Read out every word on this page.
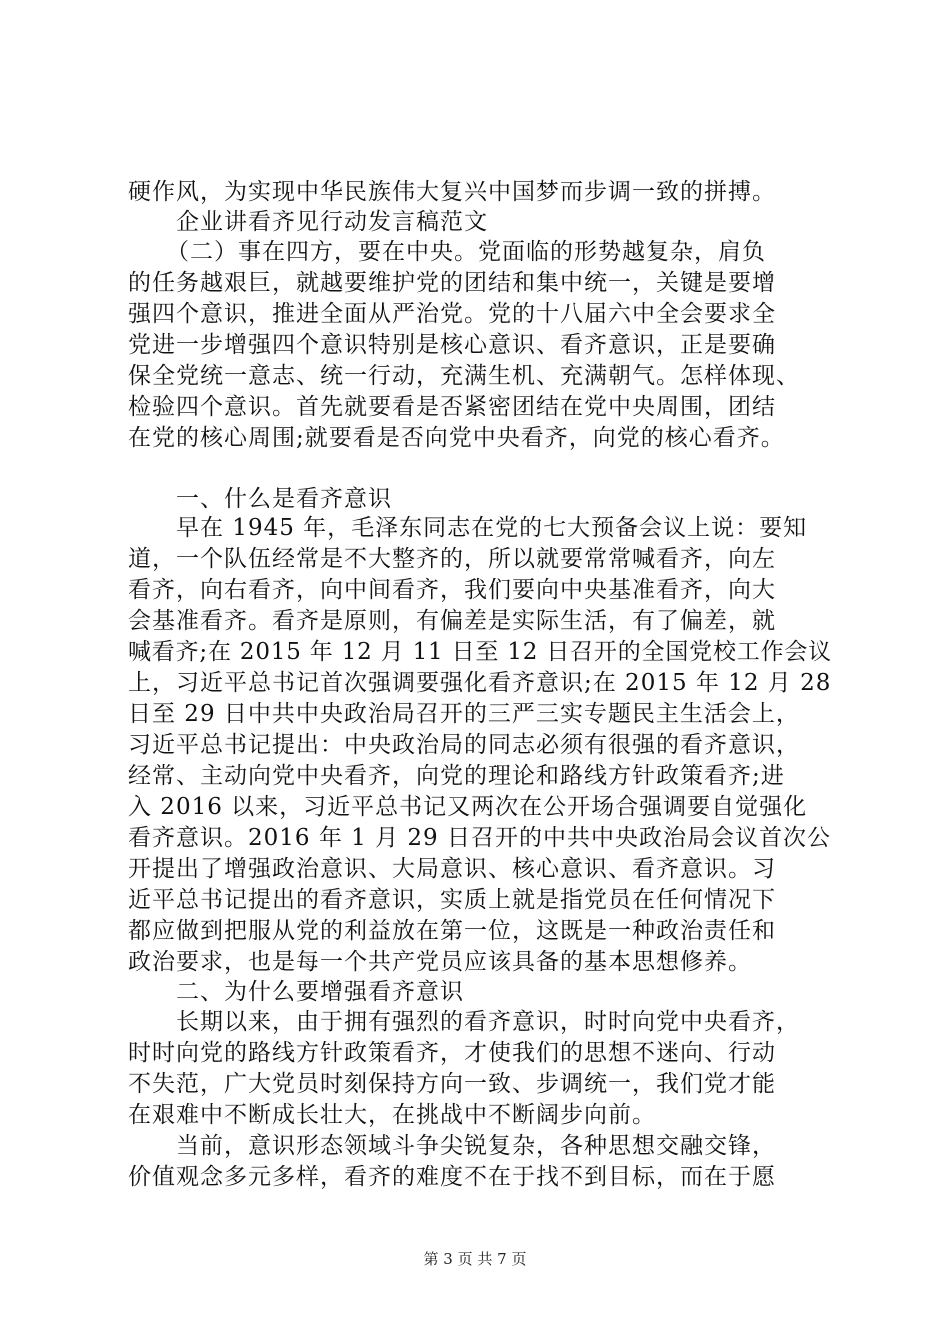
硬作风，为实现中华民族伟大复兴中国梦而步调一致的拼搏。
企业讲看齐见行动发言稿范文
（二）事在四方，要在中央。党面临的形势越复杂，肩负
的任务越艰巨，就越要维护党的团结和集中统一，关键是要增
强四个意识，推进全面从严治党。党的十八届六中全会要求全
党进一步增强四个意识特别是核心意识、看齐意识，正是要确
保全党统一意志、统一行动，充满生机、充满朝气。怎样体现、
检验四个意识。首先就要看是否紧密团结在党中央周围，团结
在党的核心周围;就要看是否向党中央看齐，向党的核心看齐。
一、什么是看齐意识
早在 1945 年，毛泽东同志在党的七大预备会议上说：要知
道，一个队伍经常是不大整齐的，所以就要常常喊看齐，向左
看齐，向右看齐，向中间看齐，我们要向中央基准看齐，向大
会基准看齐。看齐是原则，有偏差是实际生活，有了偏差，就
喊看齐;在 2015 年 12 月 11 日至 12 日召开的全国党校工作会议
上，习近平总书记首次强调要强化看齐意识;在 2015 年 12 月 28
日至 29 日中共中央政治局召开的三严三实专题民主生活会上，
习近平总书记提出：中央政治局的同志必须有很强的看齐意识，
经常、主动向党中央看齐，向党的理论和路线方针政策看齐;进
入 2016 以来，习近平总书记又两次在公开场合强调要自觉强化
看齐意识。2016 年 1 月 29 日召开的中共中央政治局会议首次公
开提出了增强政治意识、大局意识、核心意识、看齐意识。习
近平总书记提出的看齐意识，实质上就是指党员在任何情况下
都应做到把服从党的利益放在第一位，这既是一种政治责任和
政治要求，也是每一个共产党员应该具备的基本思想修养。
二、为什么要增强看齐意识
长期以来，由于拥有强烈的看齐意识，时时向党中央看齐，
时时向党的路线方针政策看齐，才使我们的思想不迷向、行动
不失范，广大党员时刻保持方向一致、步调统一，我们党才能
在艰难中不断成长壮大，在挑战中不断阔步向前。
当前，意识形态领域斗争尖锐复杂，各种思想交融交锋，
价值观念多元多样，看齐的难度不在于找不到目标，而在于愿
第 3 页 共 7 页
